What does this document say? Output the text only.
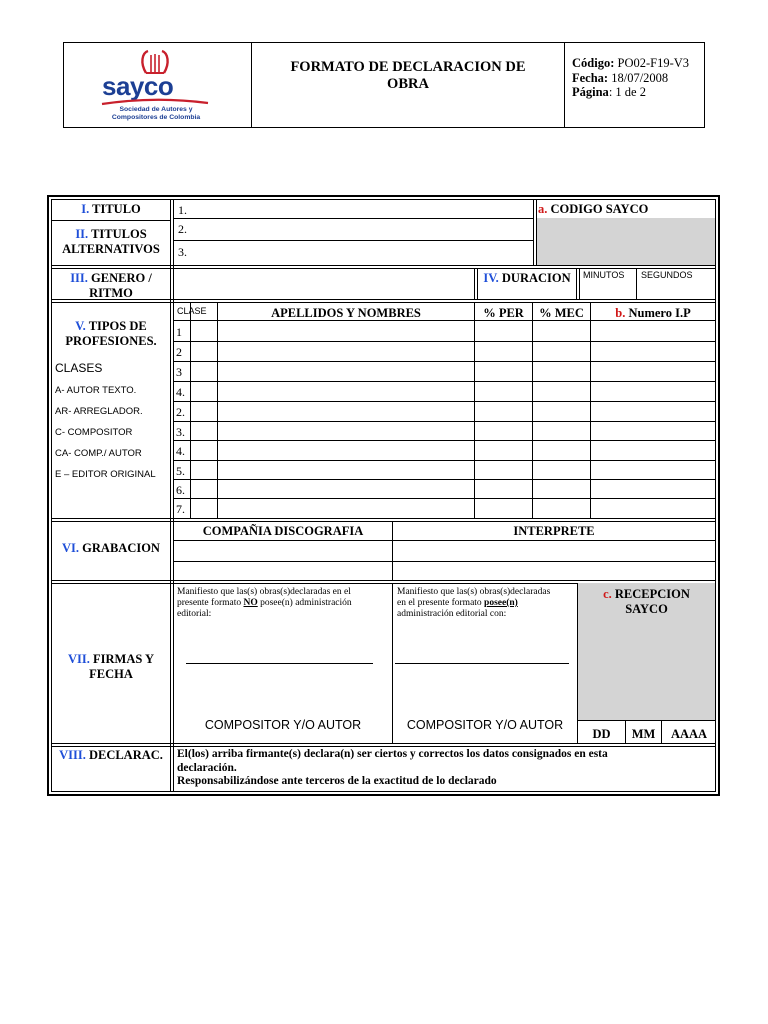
sayco
Sociedad de Autores y
Compositores de Colombia
FORMATO DE DECLARACION DE
OBRA
Código: PO02-F19-V3
Fecha: 18/07/2008
Página: 1 de 2
I. TITULO	1.
II. TITULOS
ALTERNATIVOS
2.
3.
a. CODIGO SAYCO
III. GENERO /
RITMO
IV. DURACION	MINUTOS SEGUNDOS
V. TIPOS DE
PROFESIONES.
CLASES
A- AUTOR TEXTO.
AR- ARREGLADOR.
C- COMPOSITOR
CA- COMP./ AUTOR
E – EDITOR ORIGINAL
CLASE	APELLIDOS Y NOMBRES	% PER	% MEC	b. Numero I.P
1
2
3
4.
2.
3.
4.
5.
6.
7.
VI. GRABACION
COMPAÑIA DISCOGRAFIA	INTERPRETE
VII. FIRMAS Y
FECHA
Manifiesto que las(s) obras(s)declaradas en el
presente formato NO posee(n) administración
editorial:
Manifiesto que las(s) obras(s)declaradas
en el presente formato posee(n)
administración editorial con:
COMPOSITOR Y/O AUTOR	COMPOSITOR Y/O AUTOR
c. RECEPCION
SAYCO
DD	MM	AAAA
VIII. DECLARAC.	El(los) arriba firmante(s) declara(n) ser ciertos y correctos los datos consignados en esta
declaración.
Responsabilizándose ante terceros de la exactitud de lo declarado
